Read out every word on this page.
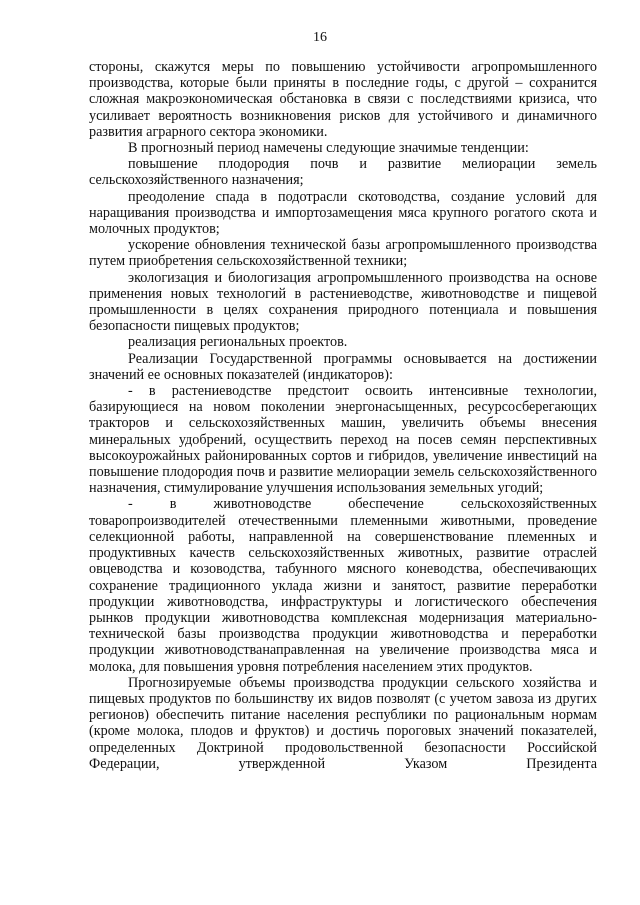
16

стороны, скажутся меры по повышению устойчивости агропромышленного производства, которые были приняты в последние годы, с другой – сохранится сложная макроэкономическая обстановка в связи с последствиями кризиса, что усиливает вероятность возникновения рисков для устойчивого и динамичного развития аграрного сектора экономики.

В прогнозный период намечены следующие значимые тенденции:

повышение плодородия почв и развитие мелиорации земель сельскохозяйственного назначения;

преодоление спада в подотрасли скотоводства, создание условий для наращивания производства и импортозамещения мяса крупного рогатого скота и молочных продуктов;

ускорение обновления технической базы агропромышленного производства путем приобретения сельскохозяйственной техники;

экологизация и биологизация агропромышленного производства на основе применения новых технологий в растениеводстве, животноводстве и пищевой промышленности в целях сохранения природного потенциала и повышения безопасности пищевых продуктов;

реализация региональных проектов.

Реализации Государственной программы основывается на достижении значений ее основных показателей (индикаторов):

- в растениеводстве предстоит освоить интенсивные технологии, базирующиеся на новом поколении энергонасыщенных, ресурсосберегающих тракторов и сельскохозяйственных машин, увеличить объемы внесения минеральных удобрений, осуществить переход на посев семян перспективных высокоурожайных районированных сортов и гибридов, увеличение инвестиций на повышение плодородия почв и развитие мелиорации земель сельскохозяйственного назначения, стимулирование улучшения использования земельных угодий;

- в животноводстве обеспечение сельскохозяйственных товаропроизводителей отечественными племенными животными, проведение селекционной работы, направленной на совершенствование племенных и продуктивных качеств сельскохозяйственных животных, развитие отраслей овцеводства и козоводства, табунного мясного коневодства, обеспечивающих сохранение традиционного уклада жизни и занятост, развитие переработки продукции животноводства, инфраструктуры и логистического обеспечения рынков продукции животноводства комплексная модернизация материально-технической базы производства продукции животноводства и переработки продукции животноводстванаправленная на увеличение производства мяса и молока, для повышения уровня потребления населением этих продуктов.

Прогнозируемые объемы производства продукции сельского хозяйства и пищевых продуктов по большинству их видов позволят (с учетом завоза из других регионов) обеспечить питание населения республики по рациональным нормам (кроме молока, плодов и фруктов) и достичь пороговых значений показателей, определенных Доктриной продовольственной безопасности Российской Федерации, утвержденной Указом Президента
